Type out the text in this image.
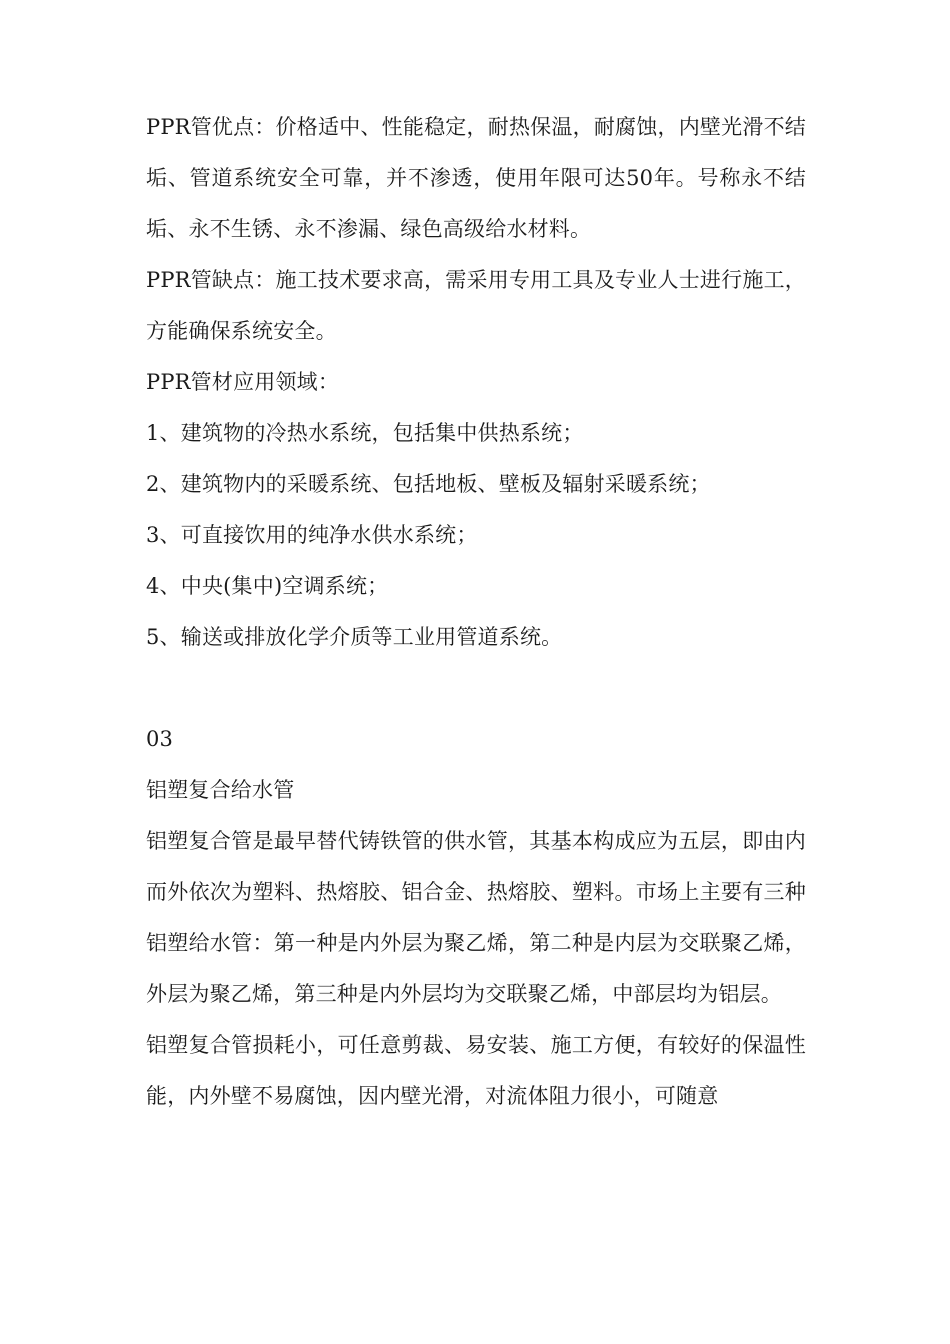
PPR管优点：价格适中、性能稳定，耐热保温，耐腐蚀，内壁光滑不结垢、管道系统安全可靠，并不渗透，使用年限可达50年。号称永不结垢、永不生锈、永不渗漏、绿色高级给水材料。

PPR管缺点：施工技术要求高，需采用专用工具及专业人士进行施工，方能确保系统安全。

PPR管材应用领域：

1、建筑物的冷热水系统，包括集中供热系统；

2、建筑物内的采暖系统、包括地板、壁板及辐射采暖系统；

3、可直接饮用的纯净水供水系统；

4、中央(集中)空调系统；

5、输送或排放化学介质等工业用管道系统。

03

铝塑复合给水管

铝塑复合管是最早替代铸铁管的供水管，其基本构成应为五层，即由内而外依次为塑料、热熔胶、铝合金、热熔胶、塑料。市场上主要有三种铝塑给水管：第一种是内外层为聚乙烯，第二种是内层为交联聚乙烯，外层为聚乙烯，第三种是内外层均为交联聚乙烯，中部层均为铝层。

铝塑复合管损耗小，可任意剪裁、易安装、施工方便，有较好的保温性能，内外壁不易腐蚀，因内壁光滑，对流体阻力很小，可随意
